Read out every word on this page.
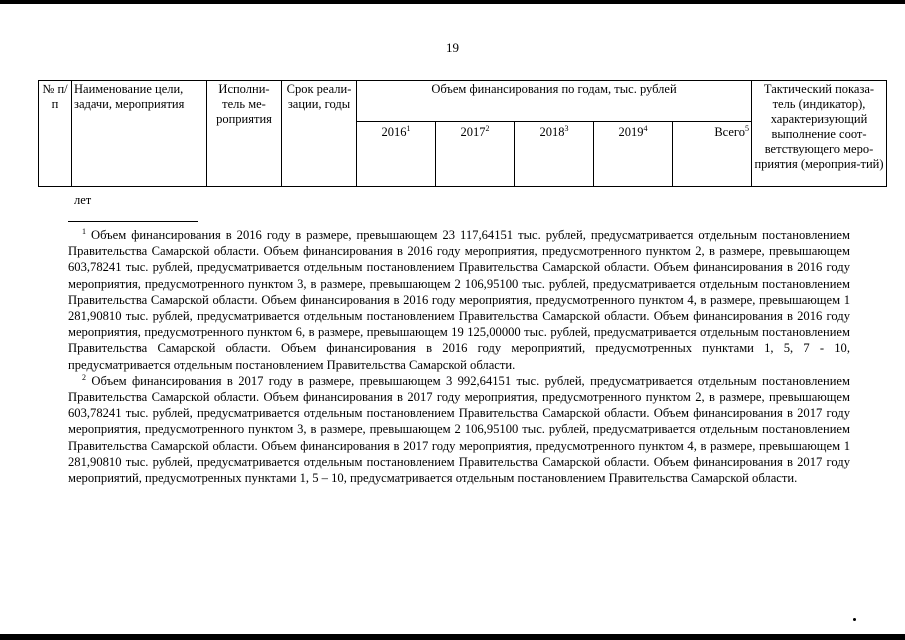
19
№ п/п	Наименование цели, задачи, мероприятия	Исполни-тель ме-роприятия	Срок реали-зации, годы	Объем финансирования по годам, тыс. рублей					Тактический показа-тель (индикатор), характеризующий выполнение соот-ветствующего меро-приятия (мероприя-тий)
				2016$^1$	2017$^2$	2018$^3$	2019$^4$	Всего$^5$
лет

$^1$ Объем финансирования в 2016 году в размере, превышающем 23 117,64151 тыс. рублей, предусматривается отдельным постановлением Правительства Самарской области. Объем финансирования в 2016 году мероприятия, предусмотренного пунктом 2, в размере, превышающем 603,78241 тыс. рублей, предусматривается отдельным постановлением Правительства Самарской области. Объем финансирования в 2016 году мероприятия, предусмотренного пунктом 3, в размере, превышающем 2 106,95100 тыс. рублей, предусматривается отдельным постановлением Правительства Самарской области. Объем финансирования в 2016 году мероприятия, предусмотренного пунктом 4, в размере, превышающем 1 281,90810 тыс. рублей, предусматривается отдельным постановлением Правительства Самарской области. Объем финансирования в 2016 году мероприятия, предусмотренного пунктом 6, в размере, превышающем 19 125,00000 тыс. рублей, предусматривается отдельным постановлением Правительства Самарской области. Объем финансирования в 2016 году мероприятий, предусмотренных пунктами 1, 5, 7 - 10, предусматривается отдельным постановлением Правительства Самарской области.

$^2$ Объем финансирования в 2017 году в размере, превышающем 3 992,64151 тыс. рублей, предусматривается отдельным постановлением Правительства Самарской области. Объем финансирования в 2017 году мероприятия, предусмотренного пунктом 2, в размере, превышающем 603,78241 тыс. рублей, предусматривается отдельным постановлением Правительства Самарской области. Объем финансирования в 2017 году мероприятия, предусмотренного пунктом 3, в размере, превышающем 2 106,95100 тыс. рублей, предусматривается отдельным постановлением Правительства Самарской области. Объем финансирования в 2017 году мероприятия, предусмотренного пунктом 4, в размере, превышающем 1 281,90810 тыс. рублей, предусматривается отдельным постановлением Правительства Самарской области. Объем финансирования в 2017 году мероприятий, предусмотренных пунктами 1, 5 – 10, предусматривается отдельным постановлением Правительства Самарской области.
